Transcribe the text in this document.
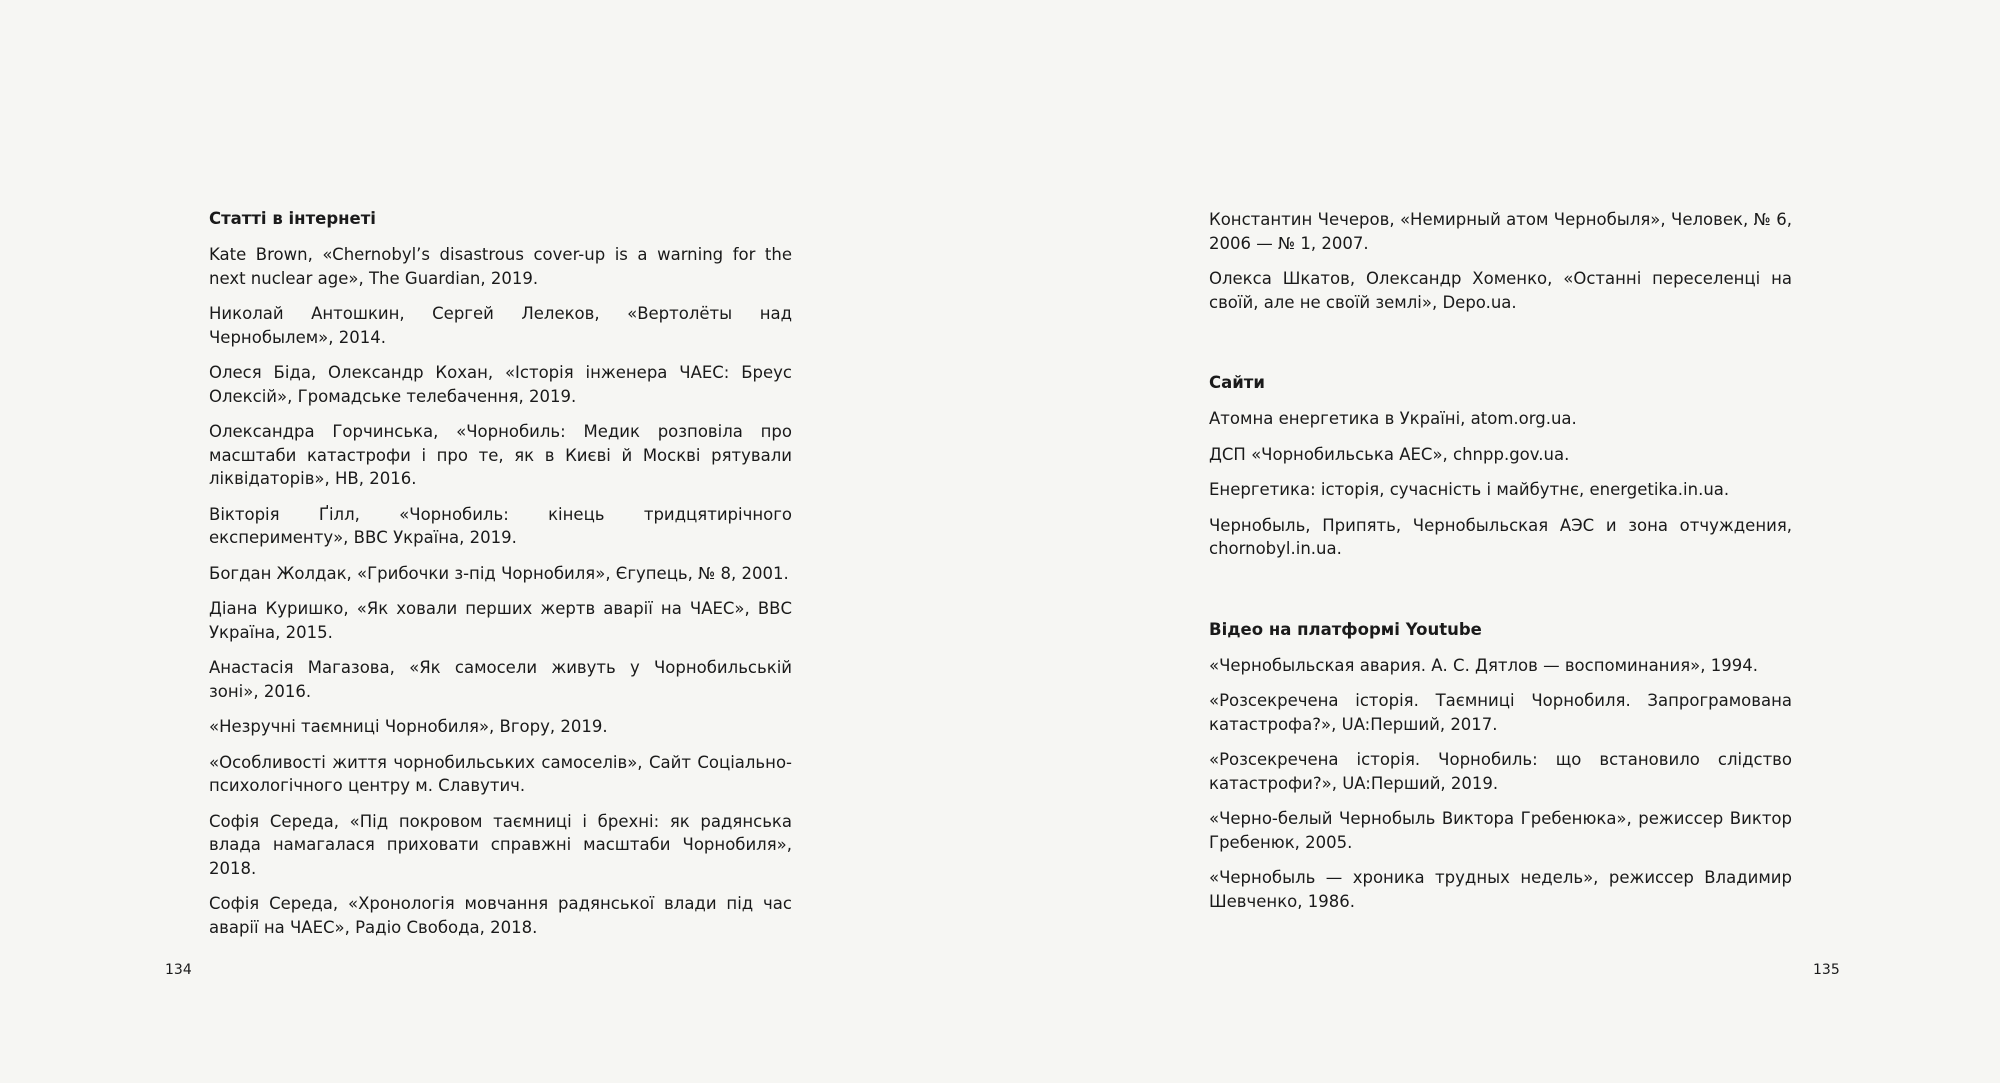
Статті в інтернеті
Kate Brown, «Chernobyl’s disastrous cover-up is a warning for the next nuclear age», The Guardian, 2019.
Николай Антошкин, Сергей Лелеков, «Вертолёты над Чернобылем», 2014.
Олеся Біда, Олександр Кохан, «Історія інженера ЧАЕС: Бреус Олексій», Громадське телебачення, 2019.
Олександра Горчинська, «Чорнобиль: Медик розповіла про масштаби катастрофи і про те, як в Києві й Москві рятували ліквідаторів», НВ, 2016.
Вікторія Ґілл, «Чорнобиль: кінець тридцятирічного експерименту», ВВС Україна, 2019.
Богдан Жолдак, «Грибочки з-під Чорнобиля», Єгупець, № 8, 2001.
Діана Куришко, «Як ховали перших жертв аварії на ЧАЕС», ВВС Україна, 2015.
Анастасія Магазова, «Як самосели живуть у Чорнобильській зоні», 2016.
«Незручні таємниці Чорнобиля», Вгору, 2019.
«Особливості життя чорнобильських самоселів», Сайт Соціально-психологічного центру м. Славутич.
Софія Середа, «Під покровом таємниці і брехні: як радянська влада намагалася приховати справжні масштаби Чорнобиля», 2018.
Софія Середа, «Хронологія мовчання радянської влади під час аварії на ЧАЕС», Радіо Свобода, 2018.
134
Константин Чечеров, «Немирный атом Чернобыля», Человек, № 6, 2006 — № 1, 2007.
Олекса Шкатов, Олександр Хоменко, «Останні переселенці на своїй, але не своїй землі», Depo.ua.
Сайти
Атомна енергетика в Україні, atom.org.ua.
ДСП «Чорнобильська АЕС», chnpp.gov.ua.
Енергетика: історія, сучасність і майбутнє, energetika.in.ua.
Чернобыль, Припять, Чернобыльская АЭС и зона отчуждения, chornobyl.in.ua.
Відео на платформі Youtube
«Чернобыльская авария. А. С. Дятлов — воспоминания», 1994.
«Розсекречена історія. Таємниці Чорнобиля. Запрограмована катастрофа?», UA:Перший, 2017.
«Розсекречена історія. Чорнобиль: що встановило слідство катастрофи?», UA:Перший, 2019.
«Черно-белый Чернобыль Виктора Гребенюка», режиссер Виктор Гребенюк, 2005.
«Чернобыль — хроника трудных недель», режиссер Владимир Шевченко, 1986.
135
